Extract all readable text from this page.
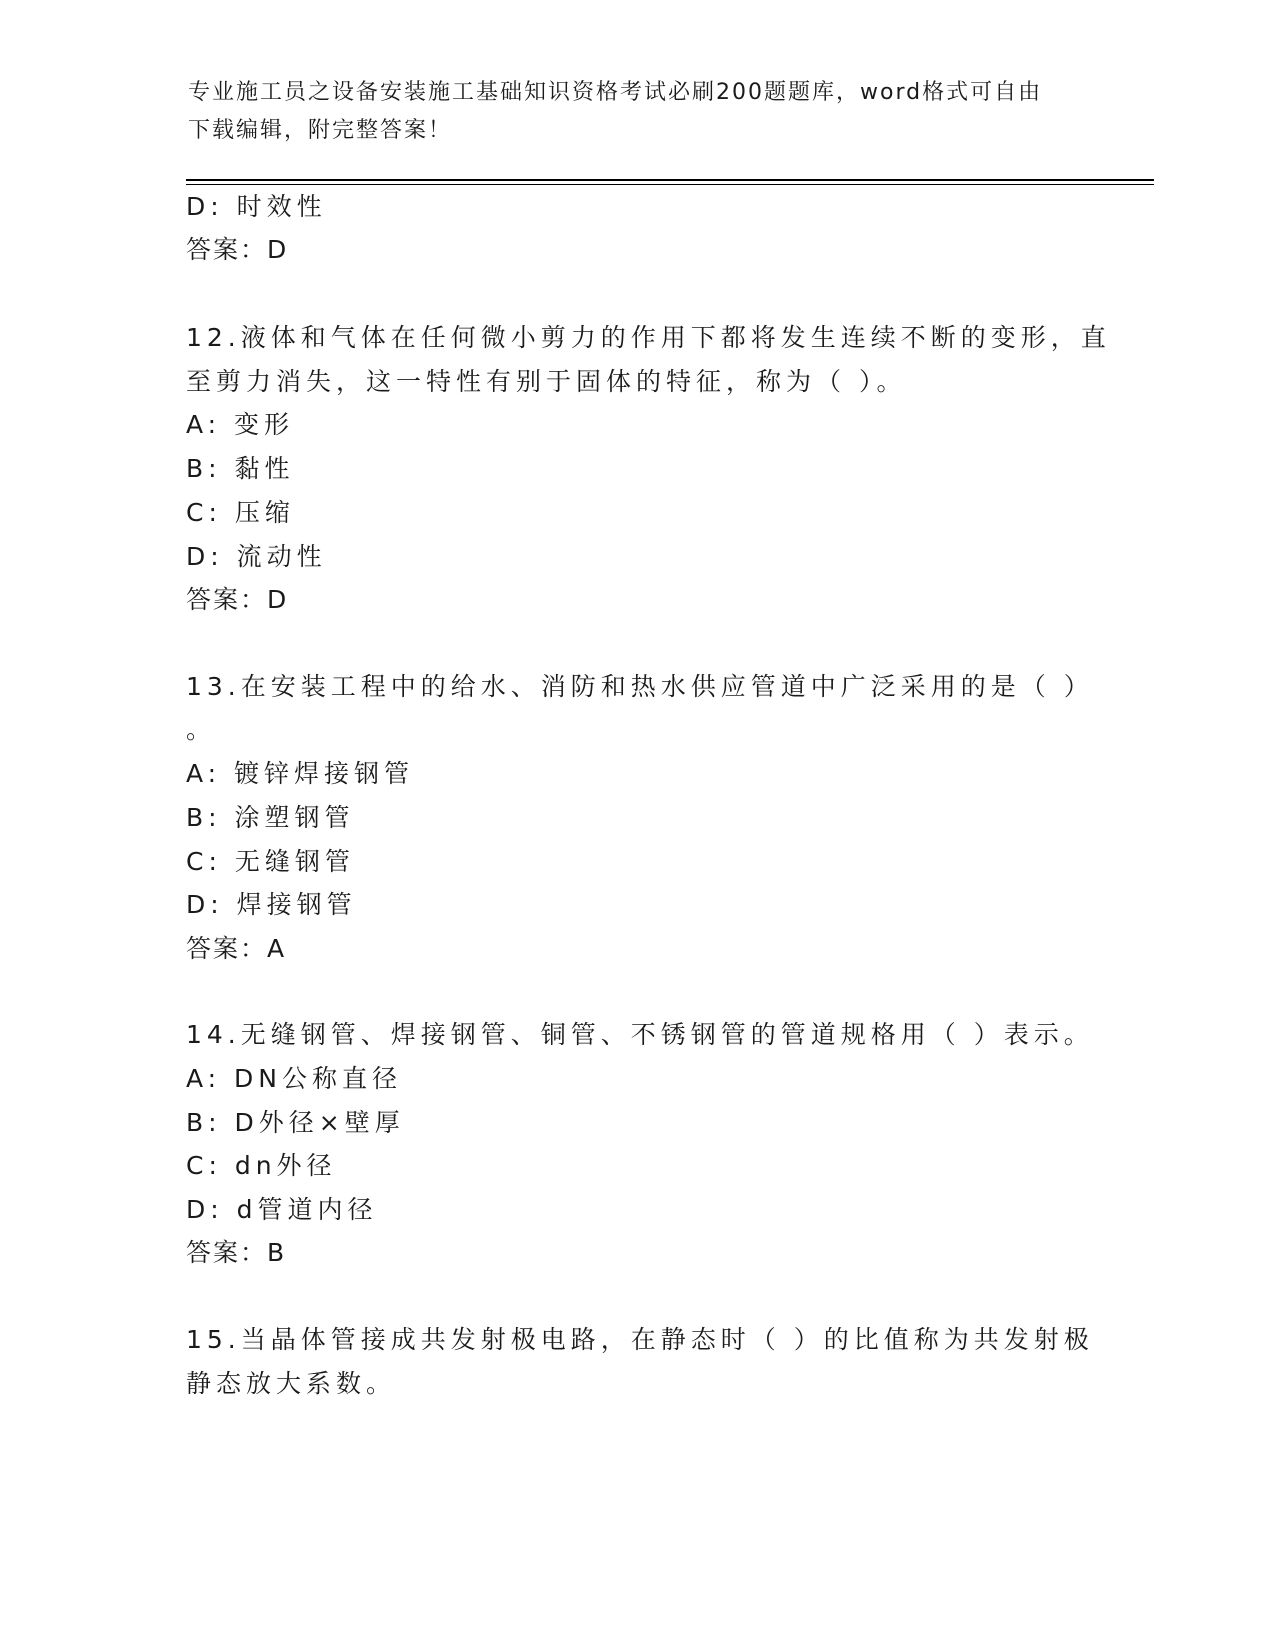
专业施工员之设备安装施工基础知识资格考试必刷200题题库，word格式可自由
下载编辑，附完整答案！
D: 时效性
答案：D
12.液体和气体在任何微小剪力的作用下都将发生连续不断的变形，直
至剪力消失，这一特性有别于固体的特征，称为（ ）。
A: 变形
B: 黏性
C: 压缩
D: 流动性
答案：D
13.在安装工程中的给水、消防和热水供应管道中广泛采用的是（ ）
。
A: 镀锌焊接钢管
B: 涂塑钢管
C: 无缝钢管
D: 焊接钢管
答案：A
14.无缝钢管、焊接钢管、铜管、不锈钢管的管道规格用（ ）表示。
A: DN公称直径
B: D外径×壁厚
C: dn外径
D: d管道内径
答案：B
15.当晶体管接成共发射极电路，在静态时（ ）的比值称为共发射极
静态放大系数。
